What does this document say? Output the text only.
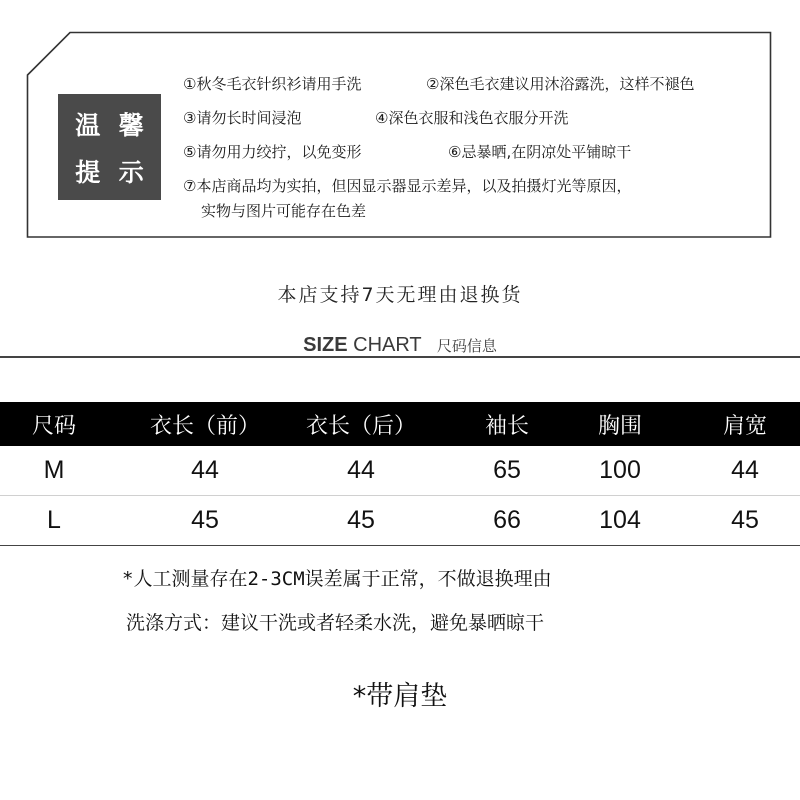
温 馨
提 示
①秋冬毛衣针织衫请用手洗	②深色毛衣建议用沐浴露洗，这样不褪色
③请勿长时间浸泡	④深色衣服和浅色衣服分开洗
⑤请勿用力绞拧，以免变形	⑥忌暴晒,在阴凉处平铺晾干
⑦本店商品均为实拍，但因显示器显示差异，以及拍摄灯光等原因，
实物与图片可能存在色差
本店支持7天无理由退换货
SIZE CHART 尺码信息
尺码	衣长（前）	衣长（后）	袖长	胸围	肩宽
M	44	44	65	100	44
L	45	45	66	104	45
*人工测量存在2-3CM误差属于正常，不做退换理由
洗涤方式：建议干洗或者轻柔水洗，避免暴晒晾干
*带肩垫
